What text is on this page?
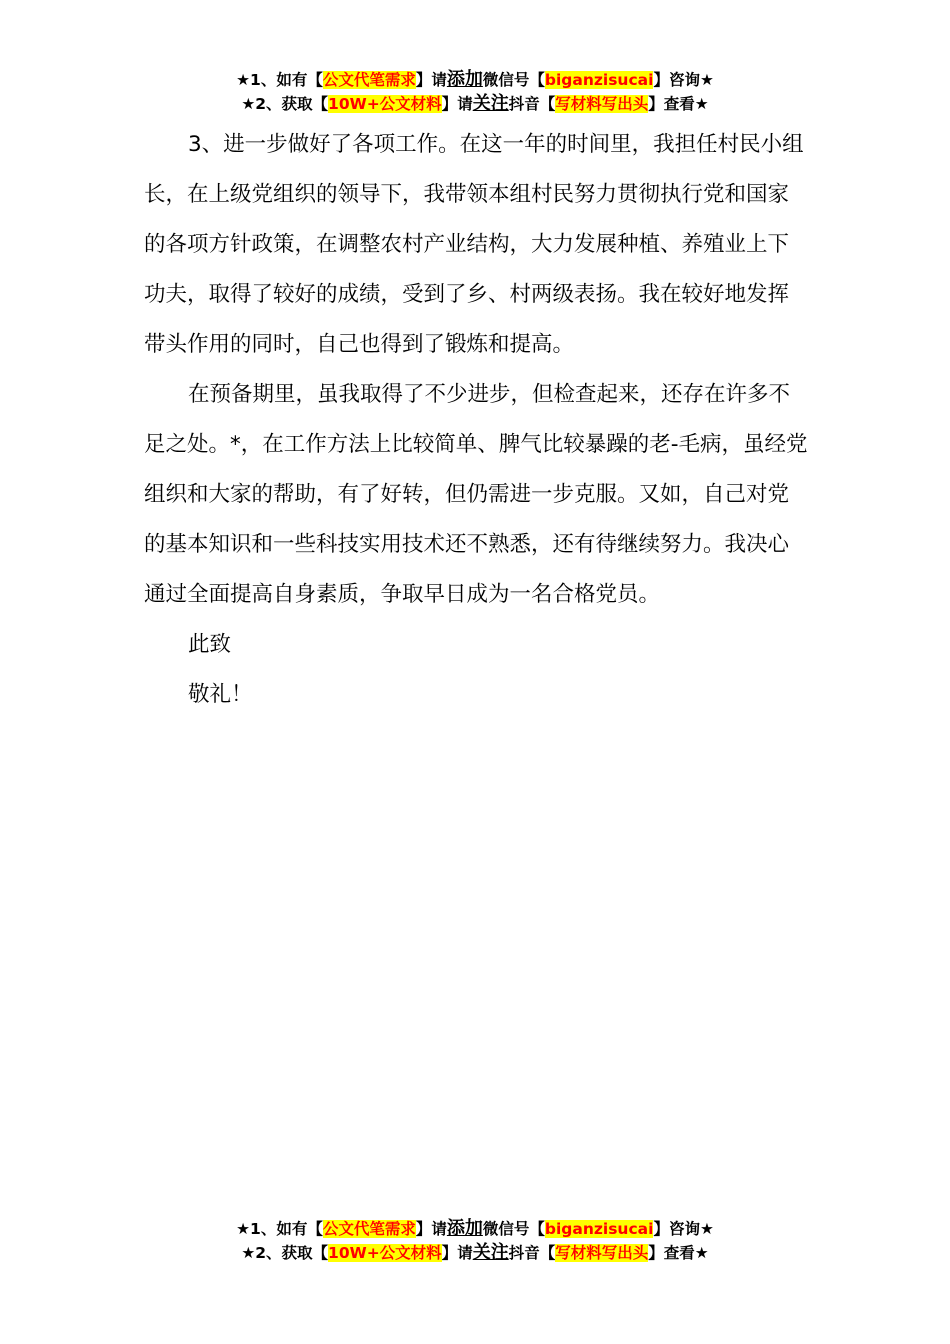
★1、如有【公文代笔需求】请添加微信号【biganzisucai】咨询★
★2、获取【10W+公文材料】请关注抖音【写材料写出头】查看★

3、进一步做好了各项工作。在这一年的时间里，我担任村民小组长，在上级党组织的领导下，我带领本组村民努力贯彻执行党和国家的各项方针政策，在调整农村产业结构，大力发展种植、养殖业上下功夫，取得了较好的成绩，受到了乡、村两级表扬。我在较好地发挥带头作用的同时，自己也得到了锻炼和提高。

在预备期里，虽我取得了不少进步，但检查起来，还存在许多不足之处。*，在工作方法上比较简单、脾气比较暴躁的老-毛病，虽经党组织和大家的帮助，有了好转，但仍需进一步克服。又如，自己对党的基本知识和一些科技实用技术还不熟悉，还有待继续努力。我决心通过全面提高自身素质，争取早日成为一名合格党员。

此致

敬礼！

★1、如有【公文代笔需求】请添加微信号【biganzisucai】咨询★
★2、获取【10W+公文材料】请关注抖音【写材料写出头】查看★
